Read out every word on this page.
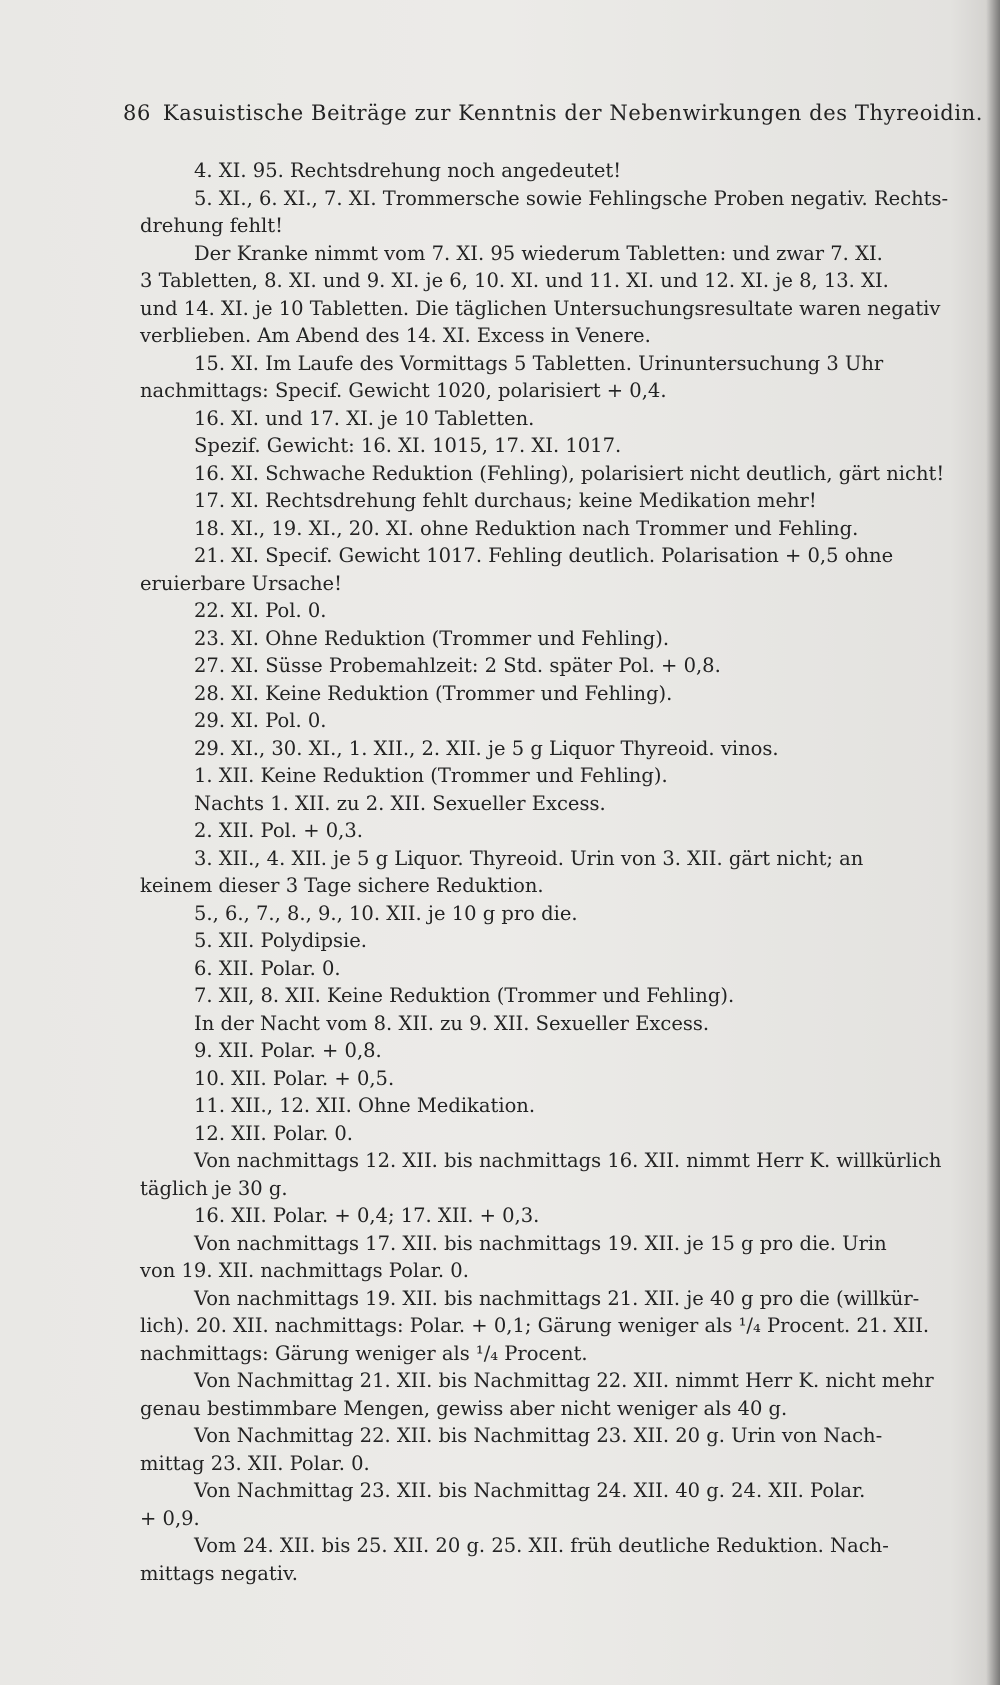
86 Kasuistische Beiträge zur Kenntnis der Nebenwirkungen des Thyreoidin.
4. XI. 95. Rechtsdrehung noch angedeutet!
5. XI., 6. XI., 7. XI. Trommersche sowie Fehlingsche Proben negativ. Rechts-
drehung fehlt!
Der Kranke nimmt vom 7. XI. 95 wiederum Tabletten: und zwar 7. XI.
3 Tabletten, 8. XI. und 9. XI. je 6, 10. XI. und 11. XI. und 12. XI. je 8, 13. XI.
und 14. XI. je 10 Tabletten. Die täglichen Untersuchungsresultate waren negativ
verblieben. Am Abend des 14. XI. Excess in Venere.
15. XI. Im Laufe des Vormittags 5 Tabletten. Urinuntersuchung 3 Uhr
nachmittags: Specif. Gewicht 1020, polarisiert + 0,4.
16. XI. und 17. XI. je 10 Tabletten.
Spezif. Gewicht: 16. XI. 1015, 17. XI. 1017.
16. XI. Schwache Reduktion (Fehling), polarisiert nicht deutlich, gärt nicht!
17. XI. Rechtsdrehung fehlt durchaus; keine Medikation mehr!
18. XI., 19. XI., 20. XI. ohne Reduktion nach Trommer und Fehling.
21. XI. Specif. Gewicht 1017. Fehling deutlich. Polarisation + 0,5 ohne
eruierbare Ursache!
22. XI. Pol. 0.
23. XI. Ohne Reduktion (Trommer und Fehling).
27. XI. Süsse Probemahlzeit: 2 Std. später Pol. + 0,8.
28. XI. Keine Reduktion (Trommer und Fehling).
29. XI. Pol. 0.
29. XI., 30. XI., 1. XII., 2. XII. je 5 g Liquor Thyreoid. vinos.
1. XII. Keine Reduktion (Trommer und Fehling).
Nachts 1. XII. zu 2. XII. Sexueller Excess.
2. XII. Pol. + 0,3.
3. XII., 4. XII. je 5 g Liquor. Thyreoid. Urin von 3. XII. gärt nicht; an
keinem dieser 3 Tage sichere Reduktion.
5., 6., 7., 8., 9., 10. XII. je 10 g pro die.
5. XII. Polydipsie.
6. XII. Polar. 0.
7. XII, 8. XII. Keine Reduktion (Trommer und Fehling).
In der Nacht vom 8. XII. zu 9. XII. Sexueller Excess.
9. XII. Polar. + 0,8.
10. XII. Polar. + 0,5.
11. XII., 12. XII. Ohne Medikation.
12. XII. Polar. 0.
Von nachmittags 12. XII. bis nachmittags 16. XII. nimmt Herr K. willkürlich
täglich je 30 g.
16. XII. Polar. + 0,4; 17. XII. + 0,3.
Von nachmittags 17. XII. bis nachmittags 19. XII. je 15 g pro die. Urin
von 19. XII. nachmittags Polar. 0.
Von nachmittags 19. XII. bis nachmittags 21. XII. je 40 g pro die (willkür-
lich). 20. XII. nachmittags: Polar. + 0,1; Gärung weniger als ¹/₄ Procent. 21. XII.
nachmittags: Gärung weniger als ¹/₄ Procent.
Von Nachmittag 21. XII. bis Nachmittag 22. XII. nimmt Herr K. nicht mehr
genau bestimmbare Mengen, gewiss aber nicht weniger als 40 g.
Von Nachmittag 22. XII. bis Nachmittag 23. XII. 20 g. Urin von Nach-
mittag 23. XII. Polar. 0.
Von Nachmittag 23. XII. bis Nachmittag 24. XII. 40 g. 24. XII. Polar.
+ 0,9.
Vom 24. XII. bis 25. XII. 20 g. 25. XII. früh deutliche Reduktion. Nach-
mittags negativ.
